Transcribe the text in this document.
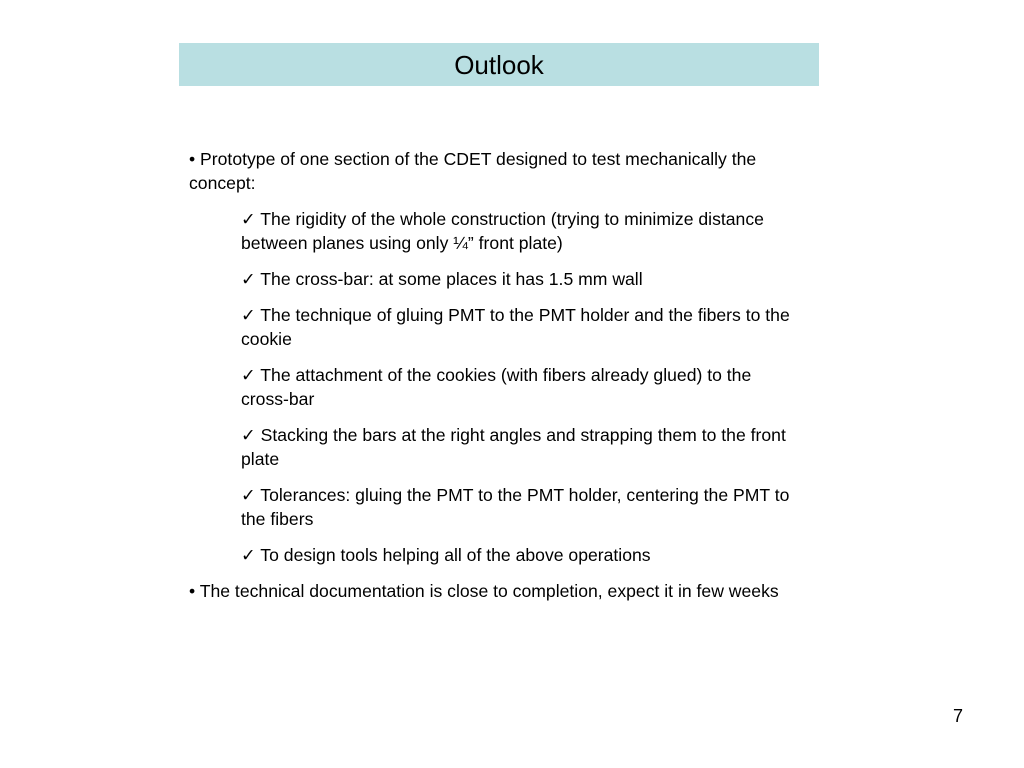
Outlook
• Prototype of one section of the CDET designed to test mechanically the concept:
✓ The rigidity of the whole construction (trying to minimize distance between planes using only ¼” front plate)
✓ The cross-bar: at some places it has 1.5 mm wall
✓ The technique of gluing PMT to the PMT holder and the fibers to the cookie
✓ The attachment of the cookies (with fibers already glued) to the cross-bar
✓ Stacking the bars at the right angles and strapping them to the front plate
✓ Tolerances: gluing the PMT to the PMT holder, centering the PMT to the fibers
✓ To design tools helping all of the above operations
• The technical documentation is close to completion, expect it in few weeks
7
